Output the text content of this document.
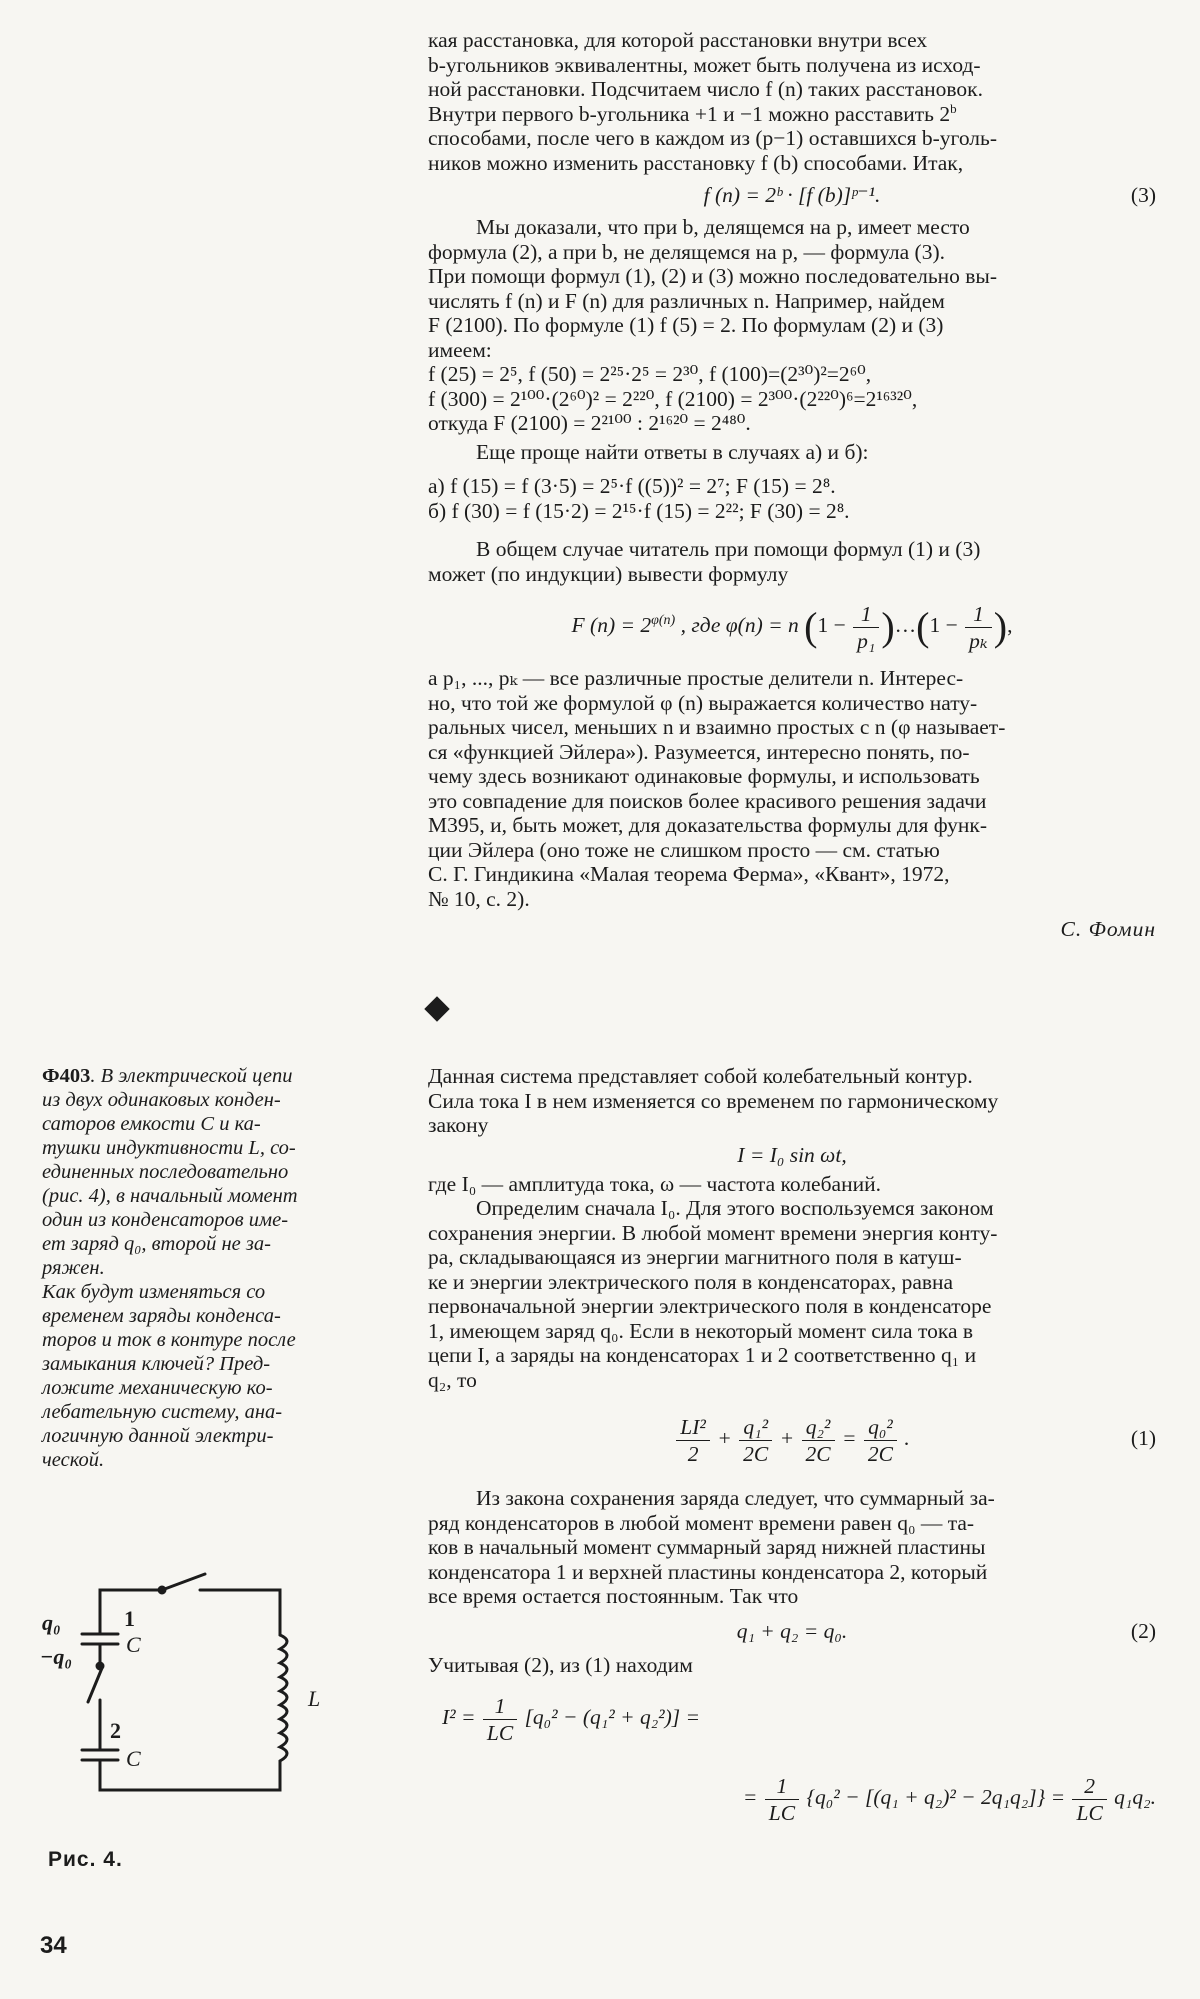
кая расстановка, для которой расстановки внутри всех

b-угольников эквивалентны, может быть получена из исход-

ной расстановки. Подсчитаем число f (n) таких расстановок.

Внутри первого b-угольника +1 и −1 можно расставить 2$^b$

способами, после чего в каждом из (p−1) оставшихся b-уголь-

ников можно изменить расстановку f (b) способами. Итак,

f (n) = 2ᵇ · [f (b)]ᵖ⁻¹.	(3)

Мы доказали, что при b, делящемся на p, имеет место

формула (2), а при b, не делящемся на p, — формула (3).

При помощи формул (1), (2) и (3) можно последовательно вы-

числять f (n) и F (n) для различных n. Например, найдем

F (2100). По формуле (1) f (5) = 2. По формулам (2) и (3)

имеем:

f (25) = 2⁵, f (50) = 2²⁵·2⁵ = 2³⁰, f (100)=(2³⁰)²=2⁶⁰,

f (300) = 2¹⁰⁰·(2⁶⁰)² = 2²²⁰, f (2100) = 2³⁰⁰·(2²²⁰)⁶=2¹⁶³²⁰,

откуда F (2100) = 2²¹⁰⁰ : 2¹⁶²⁰ = 2⁴⁸⁰.

Еще проще найти ответы в случаях а) и б):

а) f (15) = f (3·5) = 2⁵·f ((5))² = 2⁷; F (15) = 2⁸.

б) f (30) = f (15·2) = 2¹⁵·f (15) = 2²²; F (30) = 2⁸.

В общем случае читатель при помощи формул (1) и (3)

может (по индукции) вывести формулу

F $(n) = 2^{\varphi(n)}$ , где φ(n) = n ($1 - \frac{1}{\text{p₁}}$ )…(1 − $\frac{1}{\text{pₖ}}$ ),

а p₁, ..., pₖ — все различные простые делители n. Интерес-

но, что той же формулой φ (n) выражается количество нату-

ральных чисел, меньших n и взаимно простых с n (φ называет-

ся «функцией Эйлера»). Разумеется, интересно понять, по-

чему здесь возникают одинаковые формулы, и использовать

это совпадение для поисков более красивого решения задачи

М395, и, быть может, для доказательства формулы для функ-

ции Эйлера (оно тоже не слишком просто — см. статью

С. Г. Гиндикина «Малая теорема Ферма», «Квант», 1972,

№ 10, с. 2).

С. Фомин

Ф403. В электрической цепи
из двух одинаковых конден-
саторов емкости C и ка-
тушки индуктивности L, со-
единенных последовательно
(рис. 4), в начальный момент
один из конденсаторов име-
ет заряд q₀, второй не за-
ряжен.
Как будут изменяться со
временем заряды конденса-
торов и ток в контуре после
замыкания ключей? Пред-
ложите механическую ко-
лебательную систему, ана-
логичную данной электри-
ческой.
q₀
−q₀
1
C
2
C
L
Рис. 4.

Данная система представляет собой колебательный контур.

Сила тока I в нем изменяется со временем по гармоническому

закону

I = I₀ sin ωt,

где I₀ — амплитуда тока, ω — частота колебаний.

Определим сначала I₀. Для этого воспользуемся законом

сохранения энергии. В любой момент времени энергия конту-

ра, складывающаяся из энергии магнитного поля в катуш-

ке и энергии электрического поля в конденсаторах, равна

первоначальной энергии электрического поля в конденсаторе

1, имеющем заряд q₀. Если в некоторый момент сила тока в

цепи I, а заряды на конденсаторах 1 и 2 соответственно q₁ и

q₂, то

$\frac{\text{LI²}}{2} + \frac{\text{q₁²}}{2C} + \frac{\text{q₂²}}{2C} = \frac{\text{q₀²}}{2C}$ .	(1)

Из закона сохранения заряда следует, что суммарный за-

ряд конденсаторов в любой момент времени равен q₀ — та-

ков в начальный момент суммарный заряд нижней пластины

конденсатора 1 и верхней пластины конденсатора 2, который

все время остается постоянным. Так что

q₁ + q₂ = q₀.	(2)

Учитывая (2), из (1) находим

$I^2 = \frac{1}{LC} [q_0^2 - (q_1^2 + q_2^2)]$ =
= $\frac{1}{LC} \{q_0^2 - [(q_1 + q_2)^2 - 2q_1q_2]\} = \frac{2}{LC} q_1q_2$.
34
